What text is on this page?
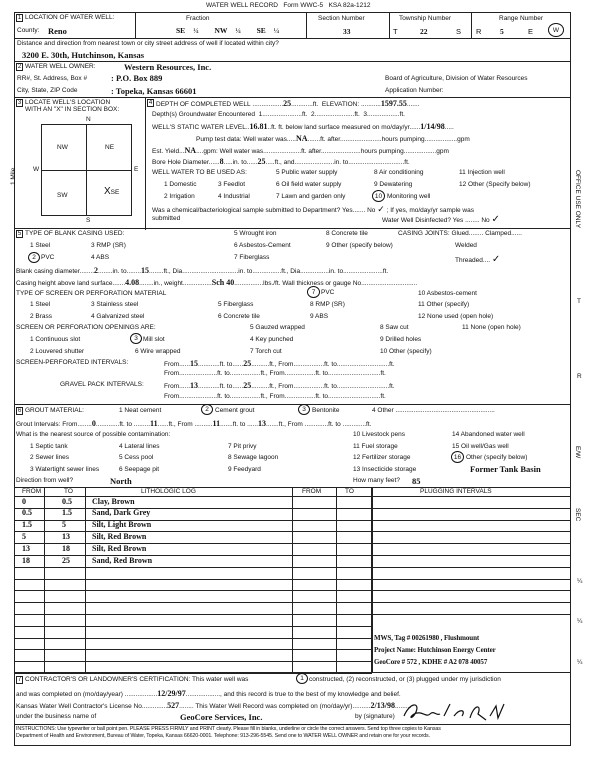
WATER WELL RECORD Form WWC-5 KSA 82a-1212
1 LOCATION OF WATER WELL:
County: Reno
Fraction
SE ¼ NW ¼ SE ¼
Section Number
33
Township Number
T	22	S
Range Number
R 5	E	W
Distance and direction from nearest town or city street address of well if located within city?
3200 E. 30th, Hutchinson, Kansas
2 WATER WELL OWNER:	Western Resources, Inc.
RR#, St. Address, Box #	: P.O. Box 889	Board of Agriculture, Division of Water Resources
City, State, ZIP Code	: Topeka, Kansas 66601	Application Number:
3 LOCATE WELL'S LOCATION
WITH AN "X" IN SECTION BOX:
N
S
W	E
1 Mile
NW	NE
SW	XSE
4 DEPTH OF COMPLETED WELL .................25............ft. ELEVATION: ...........1597.55.......
Depth(s) Groundwater Encountered 1......................ft.  2......................ft.  3..................ft.
WELL'S STATIC WATER LEVEL..16.81..ft. ft. below land surface measured on mo/day/yr......1/14/98.....
Pump test data: Well water was.....NA.......ft. after.......................hours pumping..................gpm
Est. Yield...NA....gpm: Well water was.....................ft. after......................hours pumping..................gpm
Bore Hole Diameter......8.....in. to......25.....ft., and......................in. to...............................ft.
WELL WATER TO BE USED AS:	5 Public water supply	8 Air conditioning	11 Injection well
1 Domestic	3 Feedlot	6 Oil field water supply	9 Dewatering	12 Other (Specify below)
2 Irrigation	4 Industrial	7 Lawn and garden only	10 Monitoring well
Was a chemical/bacteriological sample submitted to Department? Yes....... No ✓ ; If yes, mo/day/yr sample was
submitted	Water Well Disinfected? Yes ........ No ✓
5 TYPE OF BLANK CASING USED:	5 Wrought iron	8 Concrete tile	CASING JOINTS: Glued........ Clamped......
1 Steel	3 RMP (SR)	6 Asbestos-Cement	9 Other (specify below)	Welded
2 PVC	4 ABS	7 Fiberglass	Threaded.... ✓
Blank casing diameter........2........in. to........15........ft., Dia...............................in. to................ft., Dia................in. to......................ft.
Casing height above land surface.......4.08........in., weight................Sch 40................lbs./ft. Wall thickness or gauge No...............................
TYPE OF SCREEN OR PERFORATION MATERIAL	7 PVC	10 Asbestos-cement
1 Steel	3 Stainless steel	5 Fiberglass	8 RMP (SR)	11 Other (specify)
2 Brass	4 Galvanized steel	6 Concrete tile	9 ABS	12 None used (open hole)
SCREEN OR PERFORATION OPENINGS ARE:	5 Gauzed wrapped	8 Saw cut	11 None (open hole)
1 Continuous slot	3 Mill slot	4 Key punched	9 Drilled holes
2 Louvered shutter	6 Wire wrapped	7 Torch cut	10 Other (specify)
SCREEN-PERFORATED INTERVALS:	From......15............ft. to......25..........ft., From.................ft. to.............................ft.
From.....................ft. to.................ft., From.................ft. to.............................ft.
GRAVEL PACK INTERVALS:	From......13............ft. to......25..........ft., From.................ft. to.............................ft.
From.....................ft. to.................ft., From.................ft. to.............................ft.
6 GROUT MATERIAL:	1 Neat cement	2 Cement grout	3 Bentonite	4 Other .......................................................
Grout Intervals: From........0.............ft. to .........11......ft., From ..........11.......ft. to ......13.......ft., From .............ft. to .............ft.
What is the nearest source of possible contamination:	10 Livestock pens	14 Abandoned water well
1 Septic tank	4 Lateral lines	7 Pit privy	11 Fuel storage	15 Oil well/Gas well
2 Sewer lines	5 Cess pool	8 Sewage lagoon	12 Fertilizer storage	16 Other (specify below)
3 Watertight sewer lines	6 Seepage pit	9 Feedyard	13 Insecticide storage	Former Tank Basin
Direction from well?	North	How many feet? 85
FROM	TO	LITHOLOGIC LOG	FROM	TO	PLUGGING INTERVALS
0	0.5	Clay, Brown
0.5	1.5	Sand, Dark Grey
1.5	5	Silt, Light Brown
5	13	Silt, Red Brown
13	18	Silt, Red Brown
18	25	Sand, Red Brown
MWS, Tag # 00261980 , Flushmount
Project Name: Hutchinson Energy Center
GeoCore # 572 , KDHE # A2 078 40057
7 CONTRACTOR'S OR LANDOWNER'S CERTIFICATION: This water well was	1 constructed, (2) reconstructed, or (3) plugged under my jurisdiction
and was completed on (mo/day/year) ..................12/29/97..................., and this record is true to the best of my knowledge and belief.
Kansas Water Well Contractor's License No..............527........ This Water Well Record was completed on (mo/day/yr)..........2/13/98.........
under the business name of	GeoCore Services, Inc.	by (signature)
INSTRUCTIONS: Use typewriter or ball point pen. PLEASE PRESS FIRMLY and PRINT clearly. Please fill in blanks, underline or circle the correct answers. Send top three copies to Kansas
Department of Health and Environment, Bureau of Water, Topeka, Kansas 66620-0001. Telephone: 913-296-5545. Send one to WATER WELL OWNER and retain one for your records.
OFFICE USE ONLY
T
R
E/W
SEC
¼
¼
¼
